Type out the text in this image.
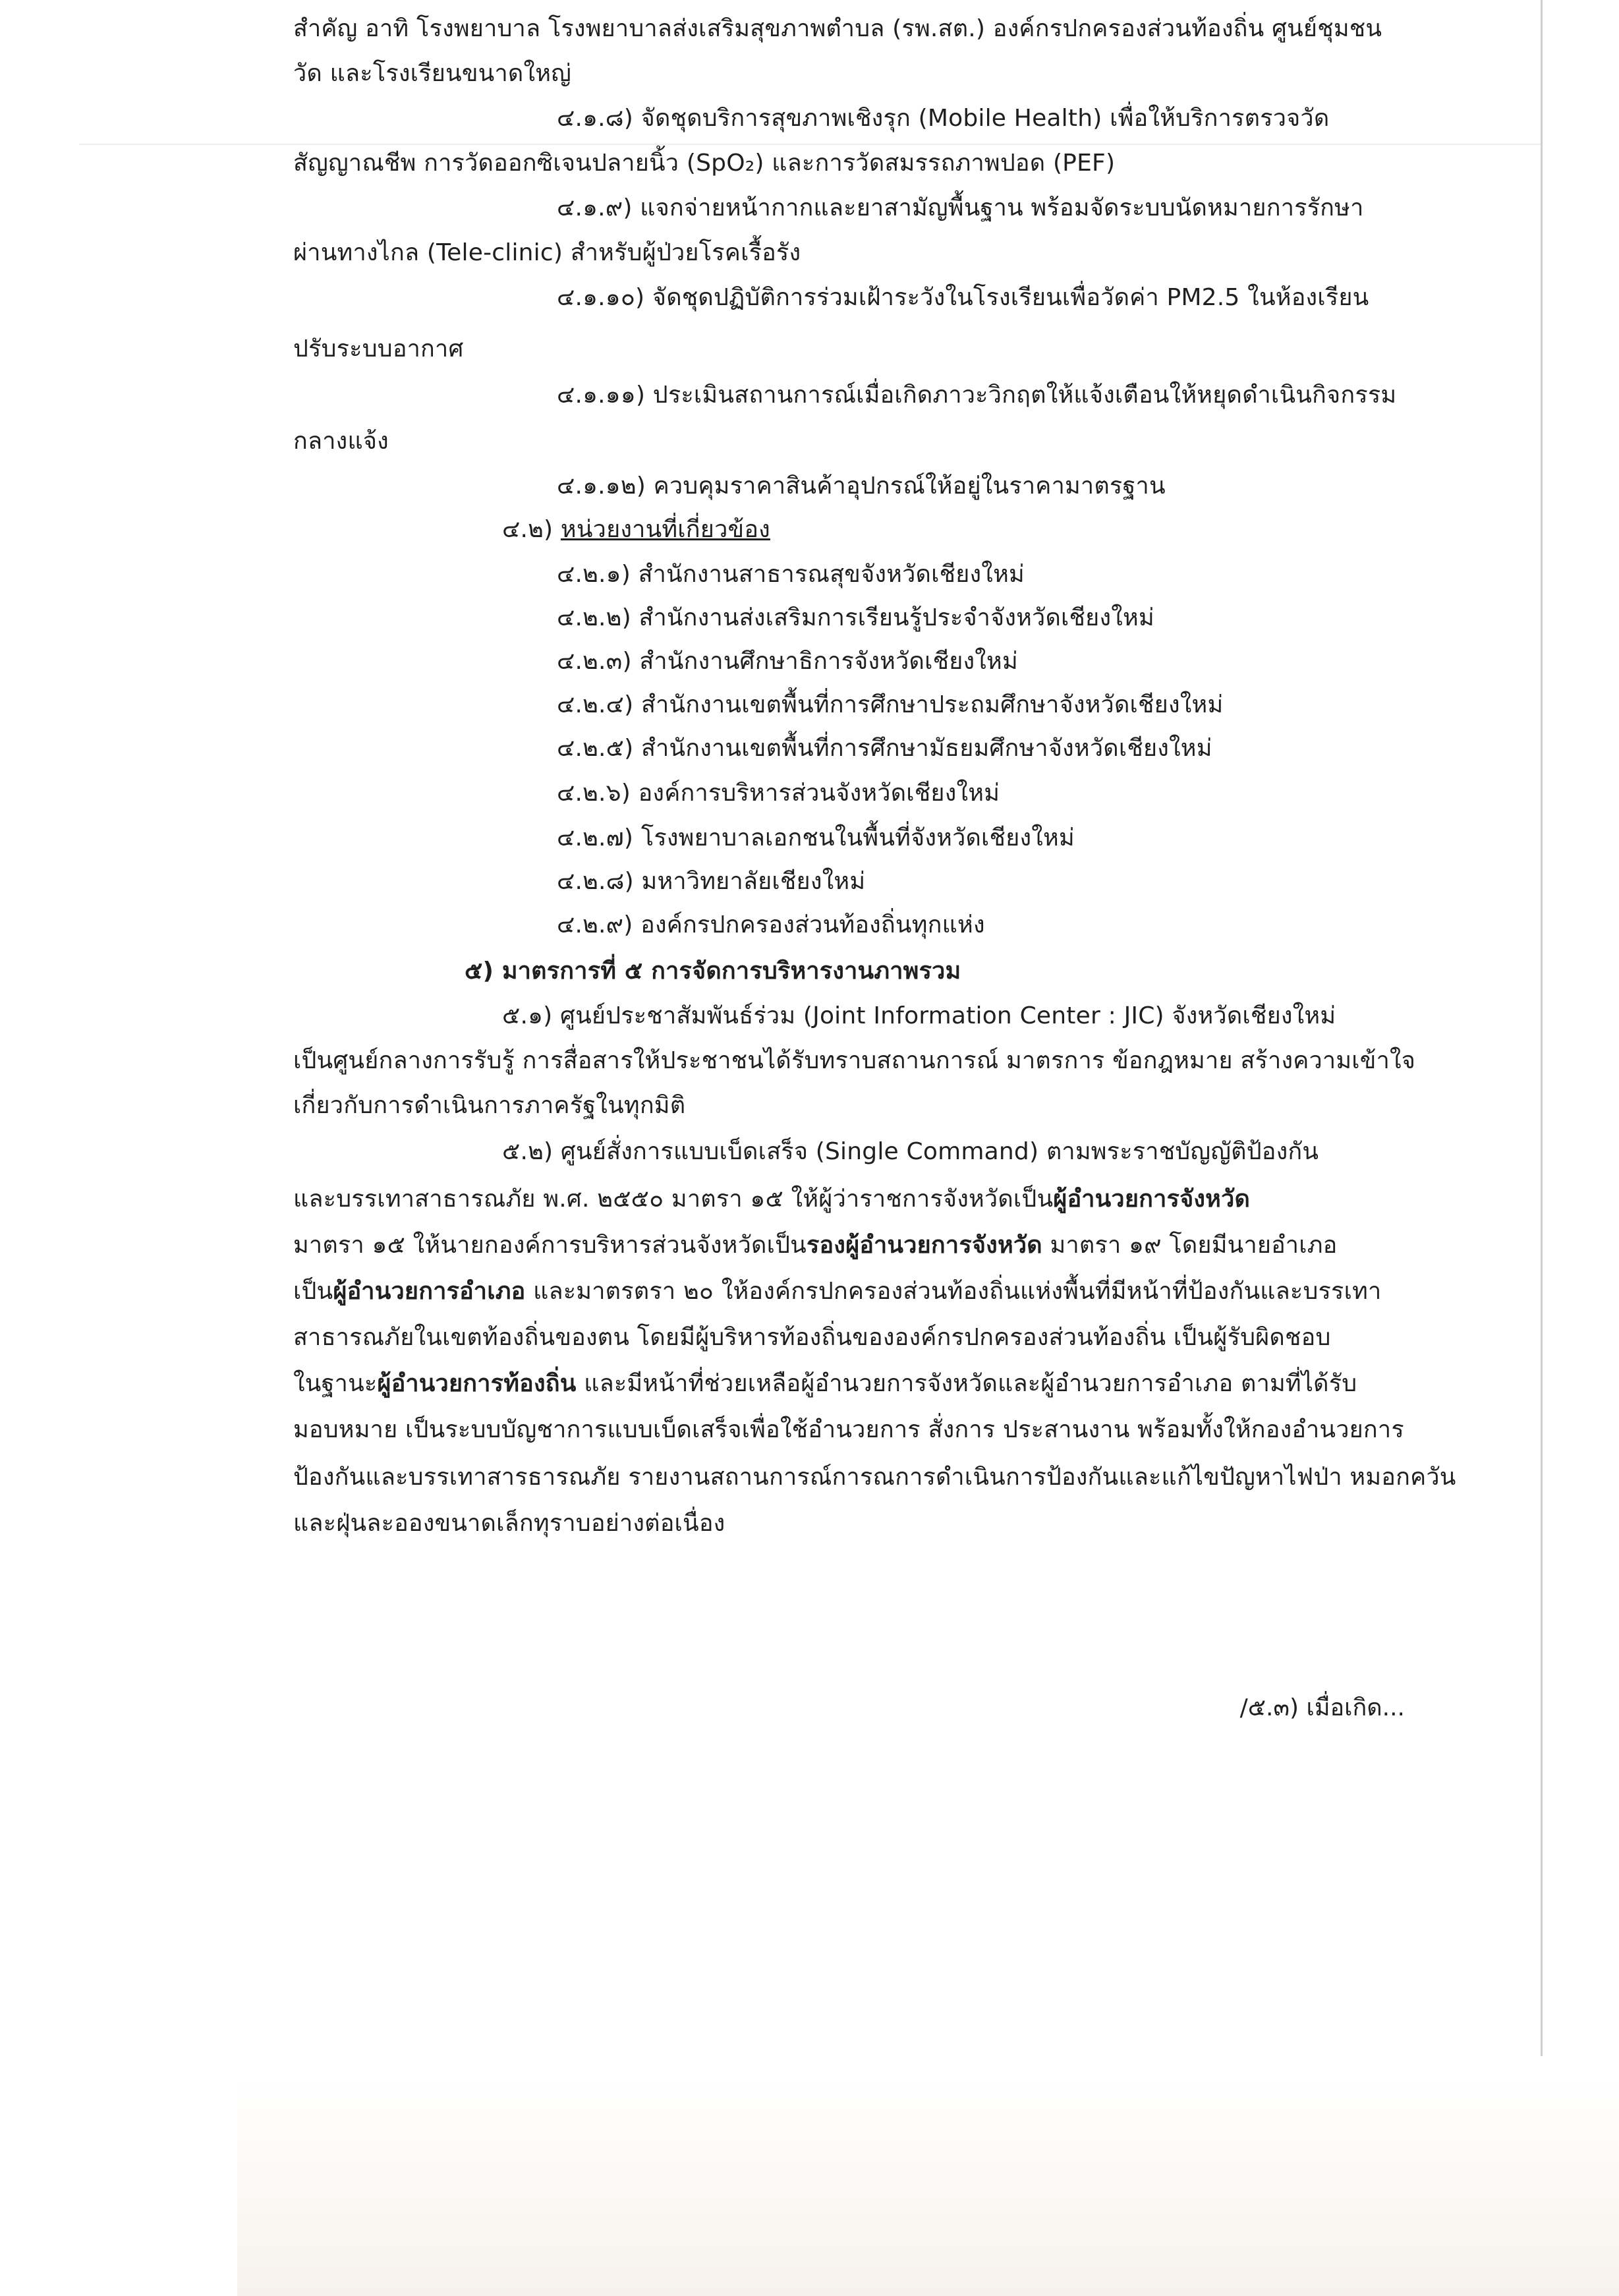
สำคัญ อาทิ โรงพยาบาล โรงพยาบาลส่งเสริมสุขภาพตำบล (รพ.สต.) องค์กรปกครองส่วนท้องถิ่น ศูนย์ชุมชน
วัด และโรงเรียนขนาดใหญ่
๔.๑.๘) จัดชุดบริการสุขภาพเชิงรุก (Mobile Health) เพื่อให้บริการตรวจวัด
สัญญาณชีพ การวัดออกซิเจนปลายนิ้ว (SpO₂) และการวัดสมรรถภาพปอด (PEF)
๔.๑.๙) แจกจ่ายหน้ากากและยาสามัญพื้นฐาน พร้อมจัดระบบนัดหมายการรักษา
ผ่านทางไกล (Tele-clinic) สำหรับผู้ป่วยโรคเรื้อรัง
๔.๑.๑๐) จัดชุดปฏิบัติการร่วมเฝ้าระวังในโรงเรียนเพื่อวัดค่า PM2.5 ในห้องเรียน
ปรับระบบอากาศ
๔.๑.๑๑) ประเมินสถานการณ์เมื่อเกิดภาวะวิกฤตให้แจ้งเตือนให้หยุดดำเนินกิจกรรม
กลางแจ้ง
๔.๑.๑๒) ควบคุมราคาสินค้าอุปกรณ์ให้อยู่ในราคามาตรฐาน
๔.๒) หน่วยงานที่เกี่ยวข้อง
๔.๒.๑) สำนักงานสาธารณสุขจังหวัดเชียงใหม่
๔.๒.๒) สำนักงานส่งเสริมการเรียนรู้ประจำจังหวัดเชียงใหม่
๔.๒.๓) สำนักงานศึกษาธิการจังหวัดเชียงใหม่
๔.๒.๔) สำนักงานเขตพื้นที่การศึกษาประถมศึกษาจังหวัดเชียงใหม่
๔.๒.๕) สำนักงานเขตพื้นที่การศึกษามัธยมศึกษาจังหวัดเชียงใหม่
๔.๒.๖) องค์การบริหารส่วนจังหวัดเชียงใหม่
๔.๒.๗) โรงพยาบาลเอกชนในพื้นที่จังหวัดเชียงใหม่
๔.๒.๘) มหาวิทยาลัยเชียงใหม่
๔.๒.๙) องค์กรปกครองส่วนท้องถิ่นทุกแห่ง
๕) มาตรการที่ ๕ การจัดการบริหารงานภาพรวม
๕.๑) ศูนย์ประชาสัมพันธ์ร่วม (Joint Information Center : JIC) จังหวัดเชียงใหม่
เป็นศูนย์กลางการรับรู้ การสื่อสารให้ประชาชนได้รับทราบสถานการณ์ มาตรการ ข้อกฎหมาย สร้างความเข้าใจ
เกี่ยวกับการดำเนินการภาครัฐในทุกมิติ
๕.๒) ศูนย์สั่งการแบบเบ็ดเสร็จ (Single Command) ตามพระราชบัญญัติป้องกัน
และบรรเทาสาธารณภัย พ.ศ. ๒๕๕๐ มาตรา ๑๕ ให้ผู้ว่าราชการจังหวัดเป็นผู้อำนวยการจังหวัด
มาตรา ๑๕ ให้นายกองค์การบริหารส่วนจังหวัดเป็นรองผู้อำนวยการจังหวัด มาตรา ๑๙ โดยมีนายอำเภอ
เป็นผู้อำนวยการอำเภอ และมาตรตรา ๒๐ ให้องค์กรปกครองส่วนท้องถิ่นแห่งพื้นที่มีหน้าที่ป้องกันและบรรเทา
สาธารณภัยในเขตท้องถิ่นของตน โดยมีผู้บริหารท้องถิ่นขององค์กรปกครองส่วนท้องถิ่น เป็นผู้รับผิดชอบ
ในฐานะผู้อำนวยการท้องถิ่น และมีหน้าที่ช่วยเหลือผู้อำนวยการจังหวัดและผู้อำนวยการอำเภอ ตามที่ได้รับ
มอบหมาย เป็นระบบบัญชาการแบบเบ็ดเสร็จเพื่อใช้อำนวยการ สั่งการ ประสานงาน พร้อมทั้งให้กองอำนวยการ
ป้องกันและบรรเทาสารธารณภัย รายงานสถานการณ์การณการดำเนินการป้องกันและแก้ไขปัญหาไฟป่า หมอกควัน
และฝุ่นละอองขนาดเล็กทุราบอย่างต่อเนื่อง
/๕.๓) เมื่อเกิด...
